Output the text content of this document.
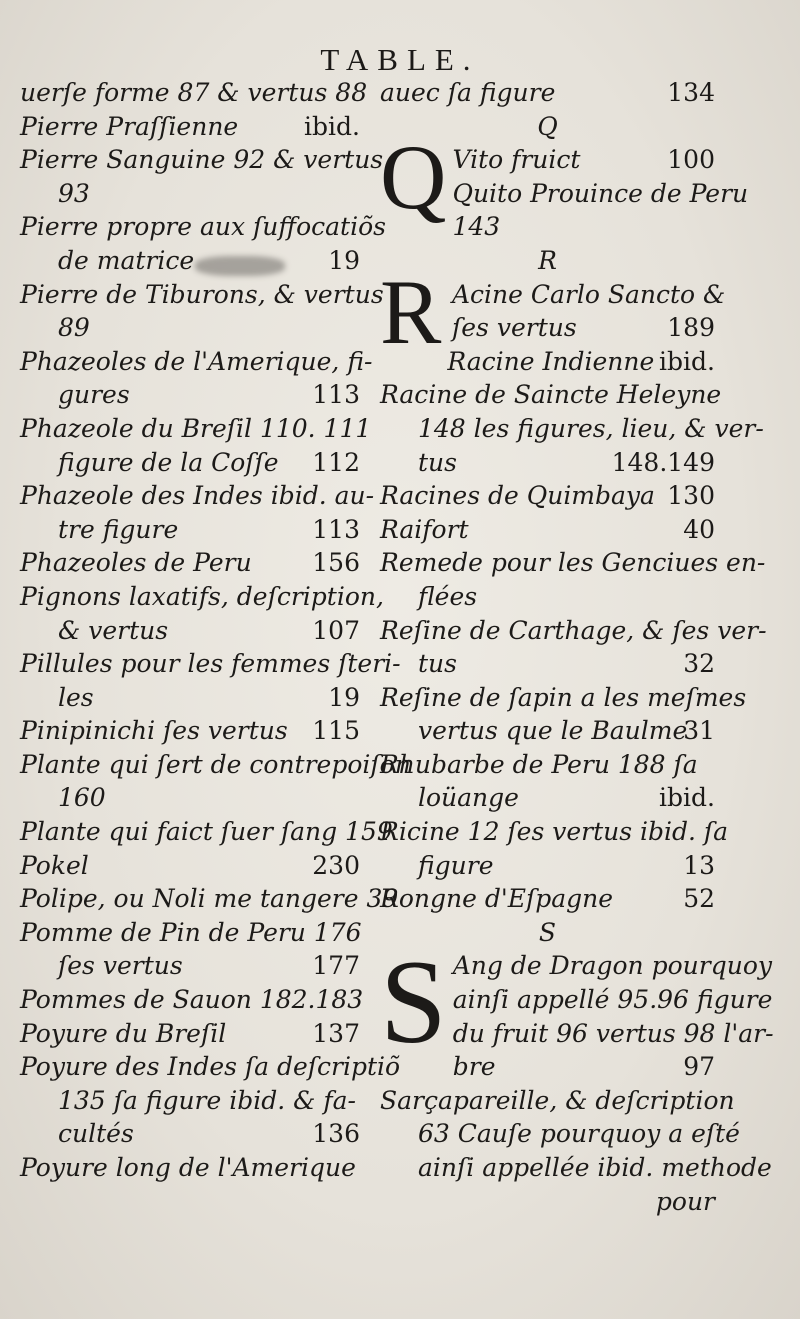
TABLE.
uerſe forme 87 & vertus 88
Pierre Praſſienne	ibid.
Pierre Sanguine 92 & vertus
93
Pierre propre aux ſuffocatiõs
de matrice	19
Pierre de Tiburons, & vertus
89
Phazeoles de l'Amerique, fi-
gures	113
Phazeole du Breſil 110. 111
figure de la Coſſe 112
Phazeole des Indes ibid. au-
tre figure	113
Phazeoles de Peru 156
Pignons laxatifs, deſcription,
& vertus	107
Pillules pour les femmes ſteri-
les	19
Pinipinichi ſes vertus 115
Plante qui ſert de contrepoiſon
160
Plante qui faict ſuer ſang 159
Pokel	230
Polipe, ou Noli me tangere 39
Pomme de Pin de Peru 176
ſes vertus	177
Pommes de Sauon 182.183
Poyure du Breſil	137
Poyure des Indes ſa deſcriptiõ
135 ſa figure ibid. & fa-
cultés	136
Poyure long de l'Amerique
auec ſa figure	134
Q
Q Vito fruict	100
Quito Prouince de Peru
143
R
R Acine Carlo Sancto &
ſes vertus	189
Racine Indienne ibid.
Racine de Saincte Heleyne
148 les figures, lieu, & ver-
tus	148.149
Racines de Quimbaya 130
Raifort	40
Remede pour les Genciues en-
flées
Reſine de Carthage, & ſes ver-
tus	32
Reſine de ſapin a les meſmes
vertus que le Baulme
31
Rhubarbe de Peru 188 ſa
loüange	ibid.
Ricine 12 ſes vertus ibid. ſa
figure	13
Rongne d'Eſpagne	52
S
S Ang de Dragon pourquoy
ainſi appellé 95.96 figure
du fruit 96 vertus 98 l'ar-
bre	97
Sarçapareille, & deſcription
63 Cauſe pourquoy a eſté
ainſi appellée ibid. methode
pour
